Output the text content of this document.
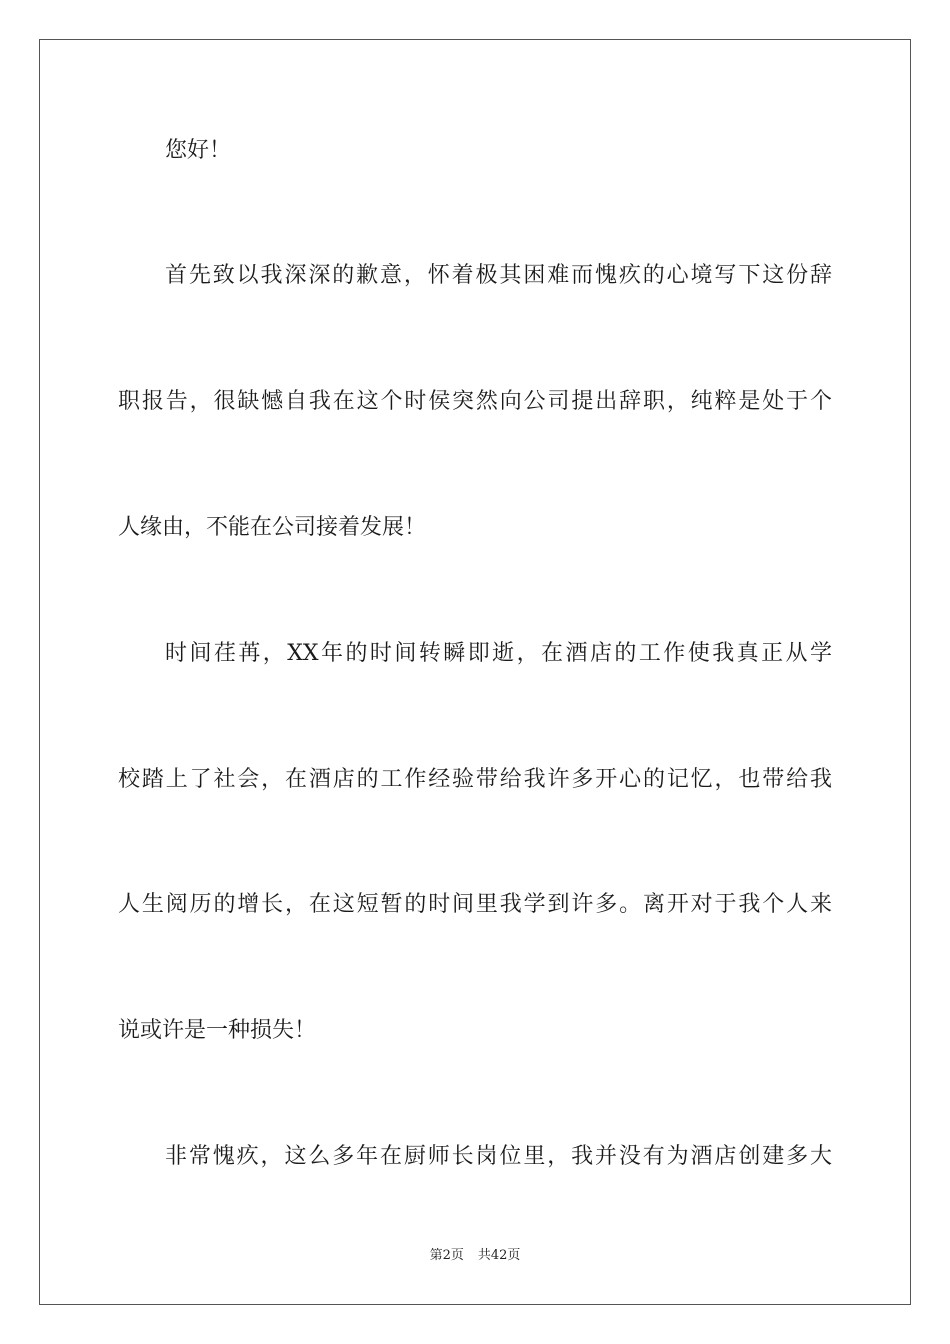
您好！
首先致以我深深的歉意，怀着极其困难而愧疚的心境写下这份辞
职报告，很缺憾自我在这个时侯突然向公司提出辞职，纯粹是处于个
人缘由，不能在公司接着发展！
时间荏苒，XX年的时间转瞬即逝，在酒店的工作使我真正从学
校踏上了社会，在酒店的工作经验带给我许多开心的记忆，也带给我
人生阅历的增长，在这短暂的时间里我学到许多。离开对于我个人来
说或许是一种损失！
非常愧疚，这么多年在厨师长岗位里，我并没有为酒店创建多大
第2页 共42页
